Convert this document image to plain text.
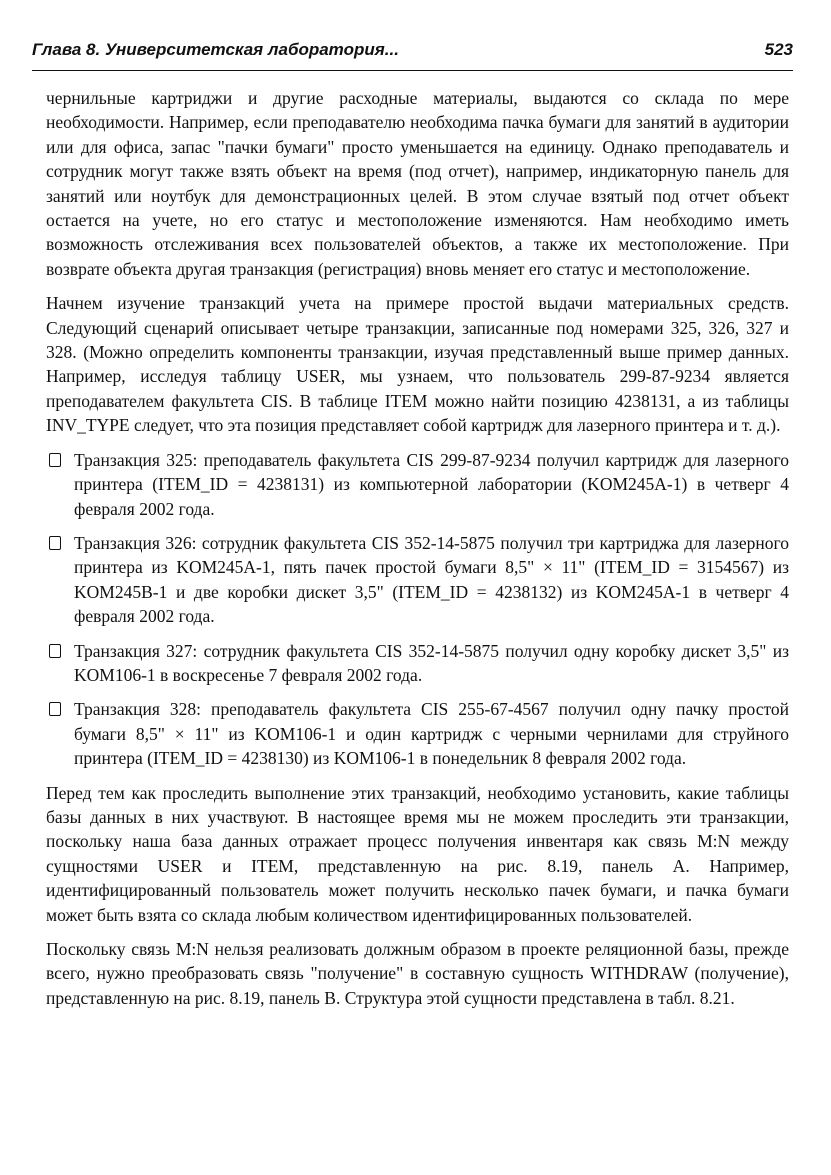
Глава 8. Университетская лаборатория...	523

чернильные картриджи и другие расходные материалы, выдаются со склада по мере необходимости. Например, если преподавателю необходима пачка бумаги для занятий в аудитории или для офиса, запас "пачки бумаги" просто уменьшается на единицу. Однако преподаватель и сотрудник могут также взять объект на время (под отчет), например, индикаторную панель для занятий или ноутбук для демонстрационных целей. В этом случае взятый под отчет объект остается на учете, но его статус и местоположение изменяются. Нам необходимо иметь возможность отслеживания всех пользователей объектов, а также их местоположение. При возврате объекта другая транзакция (регистрация) вновь меняет его статус и местоположение.

Начнем изучение транзакций учета на примере простой выдачи материальных средств. Следующий сценарий описывает четыре транзакции, записанные под номерами 325, 326, 327 и 328. (Можно определить компоненты транзакции, изучая представленный выше пример данных. Например, исследуя таблицу USER, мы узнаем, что пользователь 299-87-9234 является преподавателем факультета CIS. В таблице ITEM можно найти позицию 4238131, а из таблицы INV_TYPE следует, что эта позиция представляет собой картридж для лазерного принтера и т. д.).

Транзакция 325: преподаватель факультета CIS 299-87-9234 получил картридж для лазерного принтера (ITEM_ID = 4238131) из компьютерной лаборатории (KOM245A-1) в четверг 4 февраля 2002 года.
Транзакция 326: сотрудник факультета CIS 352-14-5875 получил три картриджа для лазерного принтера из KOM245A-1, пять пачек простой бумаги 8,5" × 11" (ITEM_ID = 3154567) из KOM245B-1 и две коробки дискет 3,5" (ITEM_ID = 4238132) из KOM245A-1 в четверг 4 февраля 2002 года.
Транзакция 327: сотрудник факультета CIS 352-14-5875 получил одну коробку дискет 3,5" из KOM106-1 в воскресенье 7 февраля 2002 года.
Транзакция 328: преподаватель факультета CIS 255-67-4567 получил одну пачку простой бумаги 8,5" × 11" из KOM106-1 и один картридж с черными чернилами для струйного принтера (ITEM_ID = 4238130) из KOM106-1 в понедельник 8 февраля 2002 года.

Перед тем как проследить выполнение этих транзакций, необходимо установить, какие таблицы базы данных в них участвуют. В настоящее время мы не можем проследить эти транзакции, поскольку наша база данных отражает процесс получения инвентаря как связь M:N между сущностями USER и ITEM, представленную на рис. 8.19, панель A. Например, идентифицированный пользователь может получить несколько пачек бумаги, и пачка бумаги может быть взята со склада любым количеством идентифицированных пользователей.

Поскольку связь M:N нельзя реализовать должным образом в проекте реляционной базы, прежде всего, нужно преобразовать связь "получение" в составную сущность WITHDRAW (получение), представленную на рис. 8.19, панель B. Структура этой сущности представлена в табл. 8.21.
